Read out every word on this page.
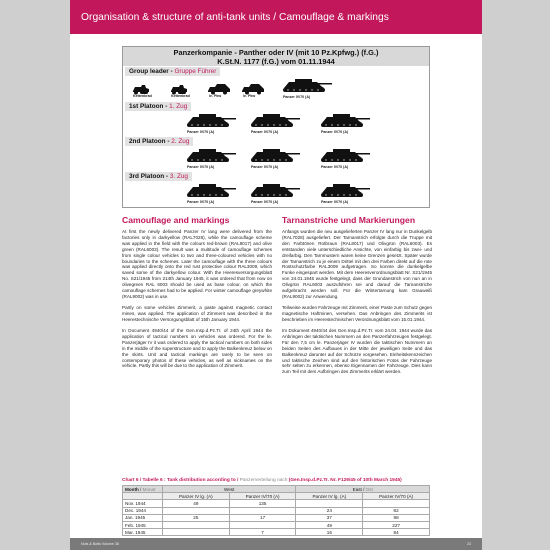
Organisation & structure of anti-tank units / Camouflage & markings
Panzerkompanie - Panther oder IV (mit 10 Pz.Kpfwg.) (f.G.)
K.St.N. 1177 (f.G.) vom 01.11.1944
Group leader - Gruppe Führer
Kettenkrad	Kettenkrad	le. Pkw	le. Pkw	Panzer IV/70 (A)
1st Platoon - 1. Zug
Panzer IV/70 (A)	Panzer IV/70 (A)	Panzer IV/70 (A)
2nd Platoon - 2. Zug
Panzer IV/70 (A)	Panzer IV/70 (A)	Panzer IV/70 (A)
3rd Platoon - 3. Zug
Panzer IV/70 (A)	Panzer IV/70 (A)	Panzer IV/70 (A)
Camouflage and markings	Tarnanstriche und Markierungen

At first the newly delivered Panzer IV lang were delivered from the factories only in darkyellow (RAL7028), while the camouflage scheme was applied in the field with the colours red-brown (RAL8017) and olive green (RAL6003). The result was a multitude of camouflage schemes from single colour vehicles to two and three-coloured vehicles with no boundaries to the schemes. Later the camouflage with the three colours was applied directly onto the red rust protective colour RAL3009, which saved some of the darkyellow colour. With the Heeresversorgungsblatt No. S21/1945 from 214th January 1945, it was ordered that from now on olivegreen RAL 6003 should be used as base colour, on which the camouflage schemes had to be applied. For winter camouflage greywhite (RAL9002) was in use.

Partly on some vehicles Zimmerit, a paste against magnetic contact mines, was applied. The application of Zimmerit was described in the Heerestechnische Versorgungsblatt of 15th January 1944.

In Document 4940/44 of the Gen.Insp.d.Pz.Tr. of 24th April 1944 the application of tactical numbers on vehicles was ordered. For the le. Panzerjäger IV it was ordered to apply the tactical numbers on both sides in the middle of the superstructure and to apply the Balkenkreuz below on the skirts. Unit and tactical markings are rarely to be seen on contemporary photos of these vehicles, as well as nicknames on the vehicle. Partly this will be due to the application of Zimmerit.

Anfangs wurden die neu ausgelieferten Panzer IV lang nur in Dunkelgelb (RAL7028) ausgeliefert. Der Tarnanstrich erfolgte durch die Truppe mit den Farbtönen Rotbraun (RAL8017) und Olivgrün (RAL6003). Es entstanden viele unterschiedliche Ansichte, von einfarbig bis zwei- und dreifarbig. Den Tarnmustern waren keine Grenzen gesetzt. Später wurde der Tarnanstrich zu je einem Drittel mit den drei Farben direkt auf die rote Rostschutzfarbe RAL3009 aufgetragen. So konnte die dunkelgelbe Funke eingespart werden. Mit dem Heeresverordnungsblatt Nr. S21/1945 von 24.01.1945 wurde festgelegt, dass der Grundanstrich von nun an in Olivgrün RAL6003 auszuführen sei und darauf die Tarnanstriche aufgebracht werden soll. Für die Wintertarnung kam Grauweiß (RAL9002) zur Anwendung.

Teilweise wurden Fahrzeuge mit Zimmerit, einer Paste zum Schutz gegen magnetische Haftminen, versehen. Das Anbringen des Zimmerits ist beschrieben im Heerestechnischen Verordnungsblatt vom 15.01.1944.

Im Dokument 4940/44 des Gen.Insp.d.Pz.Tr. vom 24.04. 1944 wurde das Anbringen der taktischen Nummern an den Panzerfahrzeugen festgelegt. Für den 7,5 cm le. Panzerjäger IV wurden die taktischen Nummern an beiden Seiten des Aufbaues in der Mitte der jeweiligen Seite und das Balkenkreuz darunter auf der Schürze vorgesehen. Einheitskennzeichen und taktische Zeichen sind auf den historischen Fotos der Fahrzeuge sehr selten zu erkennen, ebenso Eigennamen der Fahrzeuge. Dies kann zum Teil mit dem Aufbringen des Zimmerits erklärt werden.

Chart 6 / Tabelle 6 : Tank distribution according to / Panzerverteilung nach (Gen.Insp.d.Pz.Tr. Nr. F129/45 of 10th March 1945)
Month / Monat	West		East / Ost	
	Panzer IV lg. (A)	Panzer IV/70 (A)	Panzer IV lg. (A)	Panzer IV/70 (A)
Nov. 1944	49	135		
Dec. 1944			24	82
Jan. 1945	25	17	37	98
Feb. 1945			49	227
Mar. 1945		7	16	84
Nuts & Bolts Volume 38	23
